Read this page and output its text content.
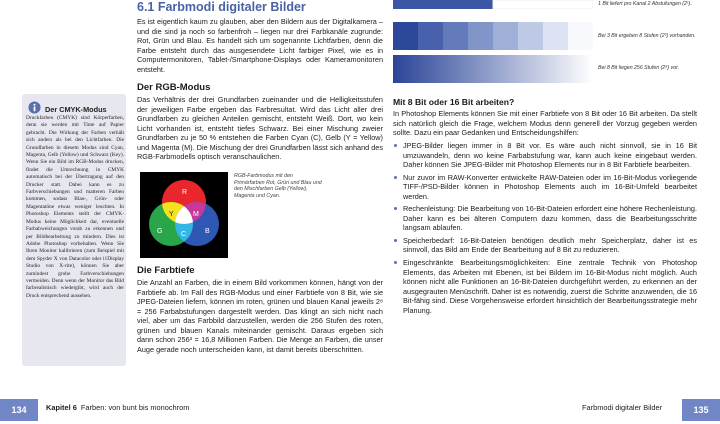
6.1 Farbmodi digitaler Bilder

Es ist eigentlich kaum zu glauben, aber den Bildern aus der Digitalkamera – und die sind ja noch so farbenfroh – liegen nur drei Farbkanäle zugrunde: Rot, Grün und Blau. Es handelt sich um sogenannte Lichtfarben, denn die Farbe entsteht durch das ausgesendete Licht farbiger Pixel, wie es in Computermonitoren, Tablet-/Smartphone-Displays oder Kameramonitoren entsteht.

Der RGB-Modus

Das Verhältnis der drei Grundfarben zueinander und die Helligkeitsstufen der jeweiligen Farbe ergeben das Farbresultat. Wird das Licht aller drei Grundfarben zu gleichen Anteilen gemischt, entsteht Weiß. Dort, wo kein Licht vorhanden ist, entsteht tiefes Schwarz. Bei einer Mischung zweier Grundfarben zu je 50 % entstehen die Farben Cyan (C), Gelb (Y = Yellow) und Magenta (M). Die Mischung der drei Grundfarben lässt sich anhand des RGB-Farbmodells optisch veranschaulichen.

R
G	B
Y	M
C
RGB-Farbmodus mit den Primärfarben Rot, Grün und Blau und den Mischfarben Gelb (Yellow), Magenta und Cyan.
Die Farbtiefe

Die Anzahl an Farben, die in einem Bild vorkommen können, hängt von der Farbtiefe ab. Im Fall des RGB-Modus und einer Farbtiefe von 8 Bit, wie sie JPEG-Dateien liefern, können im roten, grünen und blauen Kanal jeweils 2⁸ = 256 Farbabstufungen dargestellt werden. Das klingt an sich nicht nach viel, aber um das Farbbild darzustellen, werden die 256 Stufen des roten, grünen und blauen Kanals miteinander gemischt. Daraus ergeben sich dann schon 256³ = 16,8 Millionen Farben. Die Menge an Farben, die unser Auge gerade noch unterscheiden kann, ist damit bereits überschritten.

Der CMYK-Modus
Druckfarben (CMYK) sind Körperfarben, denn sie werden mit Tinte auf Papier gebracht. Die Wirkung der Farben verhält sich anders als bei den Lichtfarben. Die Grundfarben in diesem Modus sind Cyan, Magenta, Gelb (Yellow) und Schwarz (Key). Wenn Sie ein Bild im RGB-Modus drucken, findet die Umrechnung in CMYK automatisch bei der Übertragung auf den Drucker statt. Dabei kann es zu Farbverschiebungen und matteren Farben kommen, sodass Blau-, Grün- oder Magentatöne etwas weniger leuchten. In Photoshop Elements stellt der CMYK-Modus keine Möglichkeit dar, eventuelle Farbabweichungen vorab zu erkennen und per Bildbearbeitung zu mindern. Dies ist Adobe Photoshop vorbehalten. Wenn Sie Ihren Monitor kalibrieren (zum Beispiel mit dem Spyder X von Datacolor oder i1Display Studio von X-rite), können Sie aber zumindest grobe Farbverschiebungen vermeiden. Denn wenn der Monitor das Bild farbrealistisch wiedergibt, wird auch der Druck entsprechend aussehen.
1 Bit liefert pro Kanal 2 Abstufungen (2¹).
Bei 3 Bit ergeben 8 Stufen (2³) vorhanden.
Bei 8 Bit liegen 256 Stufen (2⁸) vor.
Mit 8 Bit oder 16 Bit arbeiten?

In Photoshop Elements können Sie mit einer Farbtiefe von 8 Bit oder 16 Bit arbeiten. Da stellt sich natürlich gleich die Frage, welchem Modus denn generell der Vorzug gegeben werden sollte. Dazu ein paar Gedanken und Entscheidungshilfen:

JPEG-Bilder liegen immer in 8 Bit vor. Es wäre auch nicht sinnvoll, sie in 16 Bit umzuwandeln, denn wo keine Farbabstufung war, kann auch keine eingebaut werden. Daher können Sie JPEG-Bilder mit Photoshop Elements nur in 8 Bit Farbtiefe bearbeiten.
Nur zuvor im RAW-Konverter entwickelte RAW-Dateien oder im 16-Bit-Modus vorliegende TIFF-/PSD-Bilder können in Photoshop Elements auch im 16-Bit-Umfeld bearbeitet werden.
Rechenleistung: Die Bearbeitung von 16-Bit-Dateien erfordert eine höhere Rechenleistung. Daher kann es bei älteren Computern dazu kommen, dass die Bearbeitungsschritte langsam ablaufen.
Speicherbedarf: 16-Bit-Dateien benötigen deutlich mehr Speicherplatz, daher ist es sinnvoll, das Bild am Ende der Bearbeitung auf 8 Bit zu reduzieren.
Eingeschränkte Bearbeitungsmöglichkeiten: Eine zentrale Technik von Photoshop Elements, das Arbeiten mit Ebenen, ist bei Bildern im 16-Bit-Modus nicht möglich. Auch können nicht alle Funktionen an 16-Bit-Dateien durchgeführt werden, zu erkennen an der ausgegrauten Menüschrift. Daher ist es notwendig, zuerst die Schritte anzuwenden, die 16 Bit-fähig sind. Diese Vorgehensweise erfordert hinsichtlich der Bearbeitungsstrategie mehr Planung.
134	Kapitel 6 Farben: von bunt bis monochrom	Farbmodi digitaler Bilder	135
